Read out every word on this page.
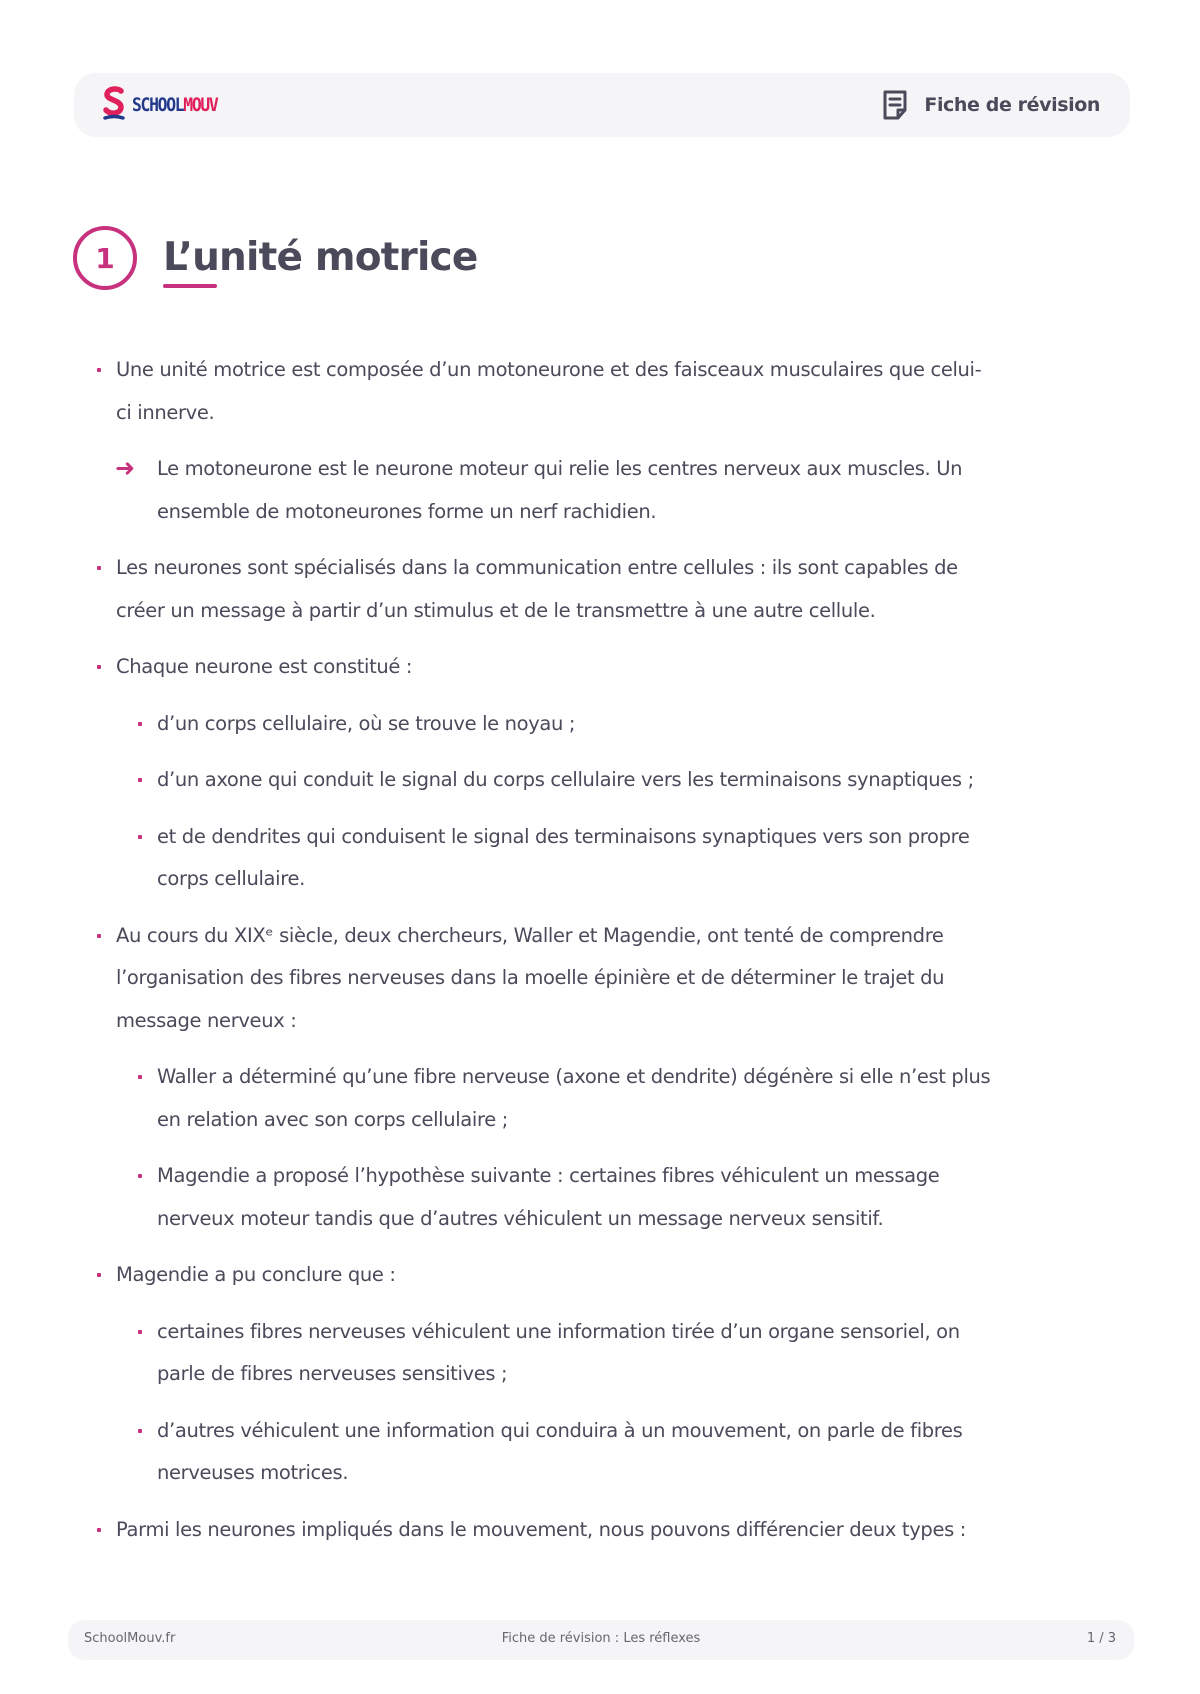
SCHOOLMOUV	Fiche de révision
1	L’unité motrice
Une unité motrice est composée d’un motoneurone et des faisceaux musculaires que celui-ci innerve.
➜ Le motoneurone est le neurone moteur qui relie les centres nerveux aux muscles. Un ensemble de motoneurones forme un nerf rachidien.
Les neurones sont spécialisés dans la communication entre cellules : ils sont capables de créer un message à partir d’un stimulus et de le transmettre à une autre cellule.
Chaque neurone est constitué :
d’un corps cellulaire, où se trouve le noyau ;
d’un axone qui conduit le signal du corps cellulaire vers les terminaisons synaptiques ;
et de dendrites qui conduisent le signal des terminaisons synaptiques vers son propre corps cellulaire.
Au cours du XIXᵉ siècle, deux chercheurs, Waller et Magendie, ont tenté de comprendre l’organisation des fibres nerveuses dans la moelle épinière et de déterminer le trajet du message nerveux :
Waller a déterminé qu’une fibre nerveuse (axone et dendrite) dégénère si elle n’est plus en relation avec son corps cellulaire ;
Magendie a proposé l’hypothèse suivante : certaines fibres véhiculent un message nerveux moteur tandis que d’autres véhiculent un message nerveux sensitif.
Magendie a pu conclure que :
certaines fibres nerveuses véhiculent une information tirée d’un organe sensoriel, on parle de fibres nerveuses sensitives ;
d’autres véhiculent une information qui conduira à un mouvement, on parle de fibres nerveuses motrices.
Parmi les neurones impliqués dans le mouvement, nous pouvons différencier deux types :
SchoolMouv.fr	Fiche de révision : Les réflexes	1 / 3
